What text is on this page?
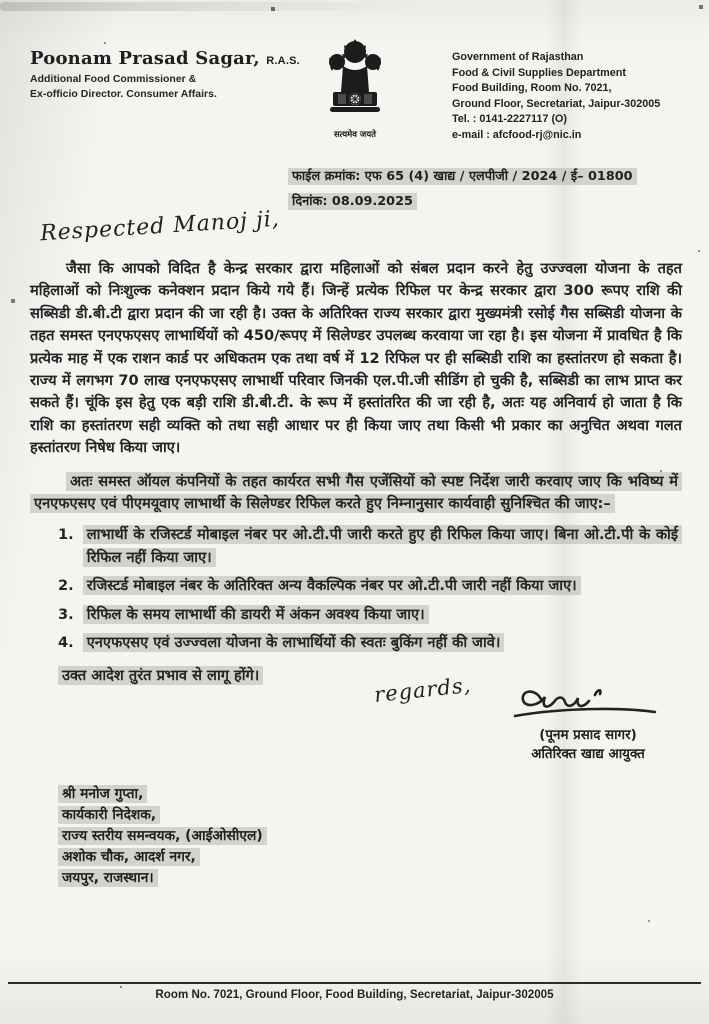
Poonam Prasad Sagar, R.A.S.
Additional Food Commissioner &
Ex-officio Director. Consumer Affairs.
सत्यमेव जयते
Government of Rajasthan
Food & Civil Supplies Department
Food Building, Room No. 7021,
Ground Floor, Secretariat, Jaipur-302005
Tel. : 0141-2227117 (O)
e-mail : afcfood-rj@nic.in
फाईल क्रमांक: एफ 65 (4) खाद्य / एलपीजी / 2024 / ई– 01800
दिनांक: 08.09.2025
Respected Manoj ji,

जैसा कि आपको विदित है केन्द्र सरकार द्वारा महिलाओं को संबल प्रदान करने हेतु उज्ज्वला योजना के तहत महिलाओं को निःशुल्क कनेक्शन प्रदान किये गये हैं। जिन्हें प्रत्येक रिफिल पर केन्द्र सरकार द्वारा 300 रूपए राशि की सब्सिडी डी.बी.टी द्वारा प्रदान की जा रही है। उक्त के अतिरिक्त राज्य सरकार द्वारा मुख्यमंत्री रसोई गैस सब्सिडी योजना के तहत समस्त एनएफएसए लाभार्थियों को 450/रूपए में सिलेण्डर उपलब्ध करवाया जा रहा है। इस योजना में प्रावधित है कि प्रत्येक माह में एक राशन कार्ड पर अधिकतम एक तथा वर्ष में 12 रिफिल पर ही सब्सिडी राशि का हस्तांतरण हो सकता है। राज्य में लगभग 70 लाख एनएफएसए लाभार्थी परिवार जिनकी एल.पी.जी सीडिंग हो चुकी है, सब्सिडी का लाभ प्राप्त कर सकते हैं। चूंकि इस हेतु एक बड़ी राशि डी.बी.टी. के रूप में हस्तांतरित की जा रही है, अतः यह अनिवार्य हो जाता है कि राशि का हस्तांतरण सही व्यक्ति को तथा सही आधार पर ही किया जाए तथा किसी भी प्रकार का अनुचित अथवा गलत हस्तांतरण निषेध किया जाए।

अतः समस्त ऑयल कंपनियों के तहत कार्यरत सभी गैस एजेंसियों को स्पष्ट निर्देश जारी करवाए जाए कि भविष्य में एनएफएसए एवं पीएमयूवाए लाभार्थी के सिलेण्डर रिफिल करते हुए निम्नानुसार कार्यवाही सुनिश्चित की जाए:–

1. लाभार्थी के रजिस्टर्ड मोबाइल नंबर पर ओ.टी.पी जारी करते हुए ही रिफिल किया जाए। बिना ओ.टी.पी के कोई रिफिल नहीं किया जाए।
2. रजिस्टर्ड मोबाइल नंबर के अतिरिक्त अन्य वैकल्पिक नंबर पर ओ.टी.पी जारी नहीं किया जाए।
3. रिफिल के समय लाभार्थी की डायरी में अंकन अवश्य किया जाए।
4. एनएफएसए एवं उज्ज्वला योजना के लाभार्थियों की स्वतः बुकिंग नहीं की जावे।
उक्त आदेश तुरंत प्रभाव से लागू होंगे।	regards,
(पूनम प्रसाद सागर)
अतिरिक्त खाद्य आयुक्त
श्री मनोज गुप्ता,
कार्यकारी निदेशक,
राज्य स्तरीय समन्वयक, (आईओसीएल)
अशोक चौक, आदर्श नगर,
जयपुर, राजस्थान।
Room No. 7021, Ground Floor, Food Building, Secretariat, Jaipur-302005
